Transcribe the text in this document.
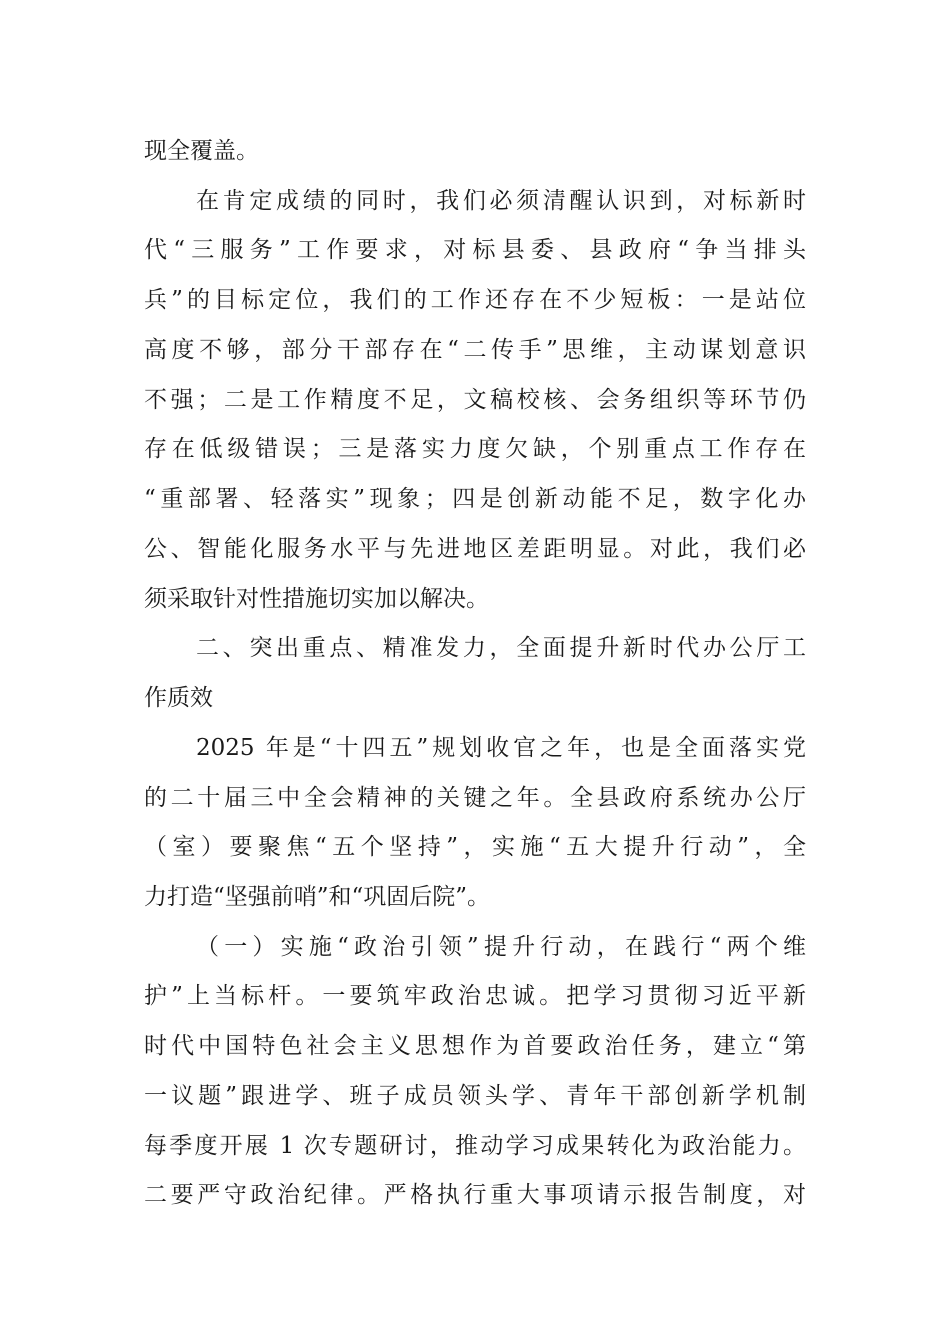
现全覆盖。
在肯定成绩的同时，我们必须清醒认识到，对标新时
代“三服务”工作要求，对标县委、县政府“争当排头
兵”的目标定位，我们的工作还存在不少短板：一是站位
高度不够，部分干部存在“二传手”思维，主动谋划意识
不强；二是工作精度不足，文稿校核、会务组织等环节仍
存在低级错误；三是落实力度欠缺，个别重点工作存在
“重部署、轻落实”现象；四是创新动能不足，数字化办
公、智能化服务水平与先进地区差距明显。对此，我们必
须采取针对性措施切实加以解决。
二、突出重点、精准发力，全面提升新时代办公厅工
作质效
2025 年是“十四五”规划收官之年，也是全面落实党
的二十届三中全会精神的关键之年。全县政府系统办公厅
（室）要聚焦“五个坚持”，实施“五大提升行动”，全
力打造“坚强前哨”和“巩固后院”。
（一）实施“政治引领”提升行动，在践行“两个维
护”上当标杆。一要筑牢政治忠诚。把学习贯彻习近平新
时代中国特色社会主义思想作为首要政治任务，建立“第
一议题”跟进学、班子成员领头学、青年干部创新学机制
每季度开展 1 次专题研讨，推动学习成果转化为政治能力。
二要严守政治纪律。严格执行重大事项请示报告制度，对
